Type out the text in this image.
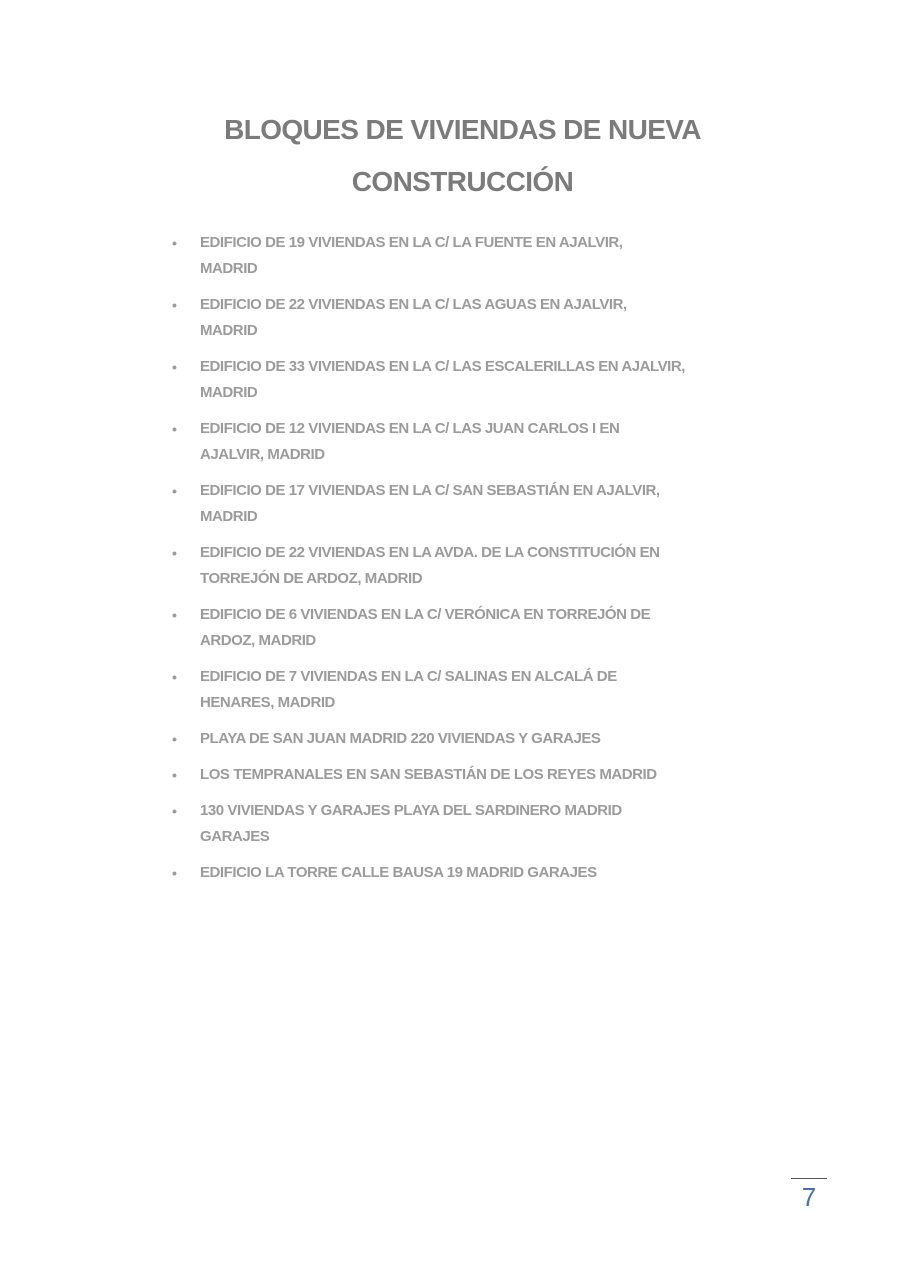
BLOQUES DE VIVIENDAS DE NUEVA
CONSTRUCCIÓN
• EDIFICIO DE 19 VIVIENDAS EN LA C/ LA FUENTE EN AJALVIR,
MADRID
• EDIFICIO DE 22 VIVIENDAS EN LA C/ LAS AGUAS EN AJALVIR,
MADRID
• EDIFICIO DE 33 VIVIENDAS EN LA C/ LAS ESCALERILLAS EN AJALVIR,
MADRID
• EDIFICIO DE 12 VIVIENDAS EN LA C/ LAS JUAN CARLOS I EN
AJALVIR, MADRID
• EDIFICIO DE 17 VIVIENDAS EN LA C/ SAN SEBASTIÁN EN AJALVIR,
MADRID
• EDIFICIO DE 22 VIVIENDAS EN LA AVDA. DE LA CONSTITUCIÓN EN
TORREJÓN DE ARDOZ, MADRID
• EDIFICIO DE 6 VIVIENDAS EN LA C/ VERÓNICA EN TORREJÓN DE
ARDOZ, MADRID
• EDIFICIO DE 7 VIVIENDAS EN LA C/ SALINAS EN ALCALÁ DE
HENARES, MADRID
• PLAYA DE SAN JUAN MADRID 220 VIVIENDAS Y GARAJES
• LOS TEMPRANALES EN SAN SEBASTIÁN DE LOS REYES MADRID
• 130 VIVIENDAS Y GARAJES PLAYA DEL SARDINERO MADRID
GARAJES
• EDIFICIO LA TORRE CALLE BAUSA 19 MADRID GARAJES
7
